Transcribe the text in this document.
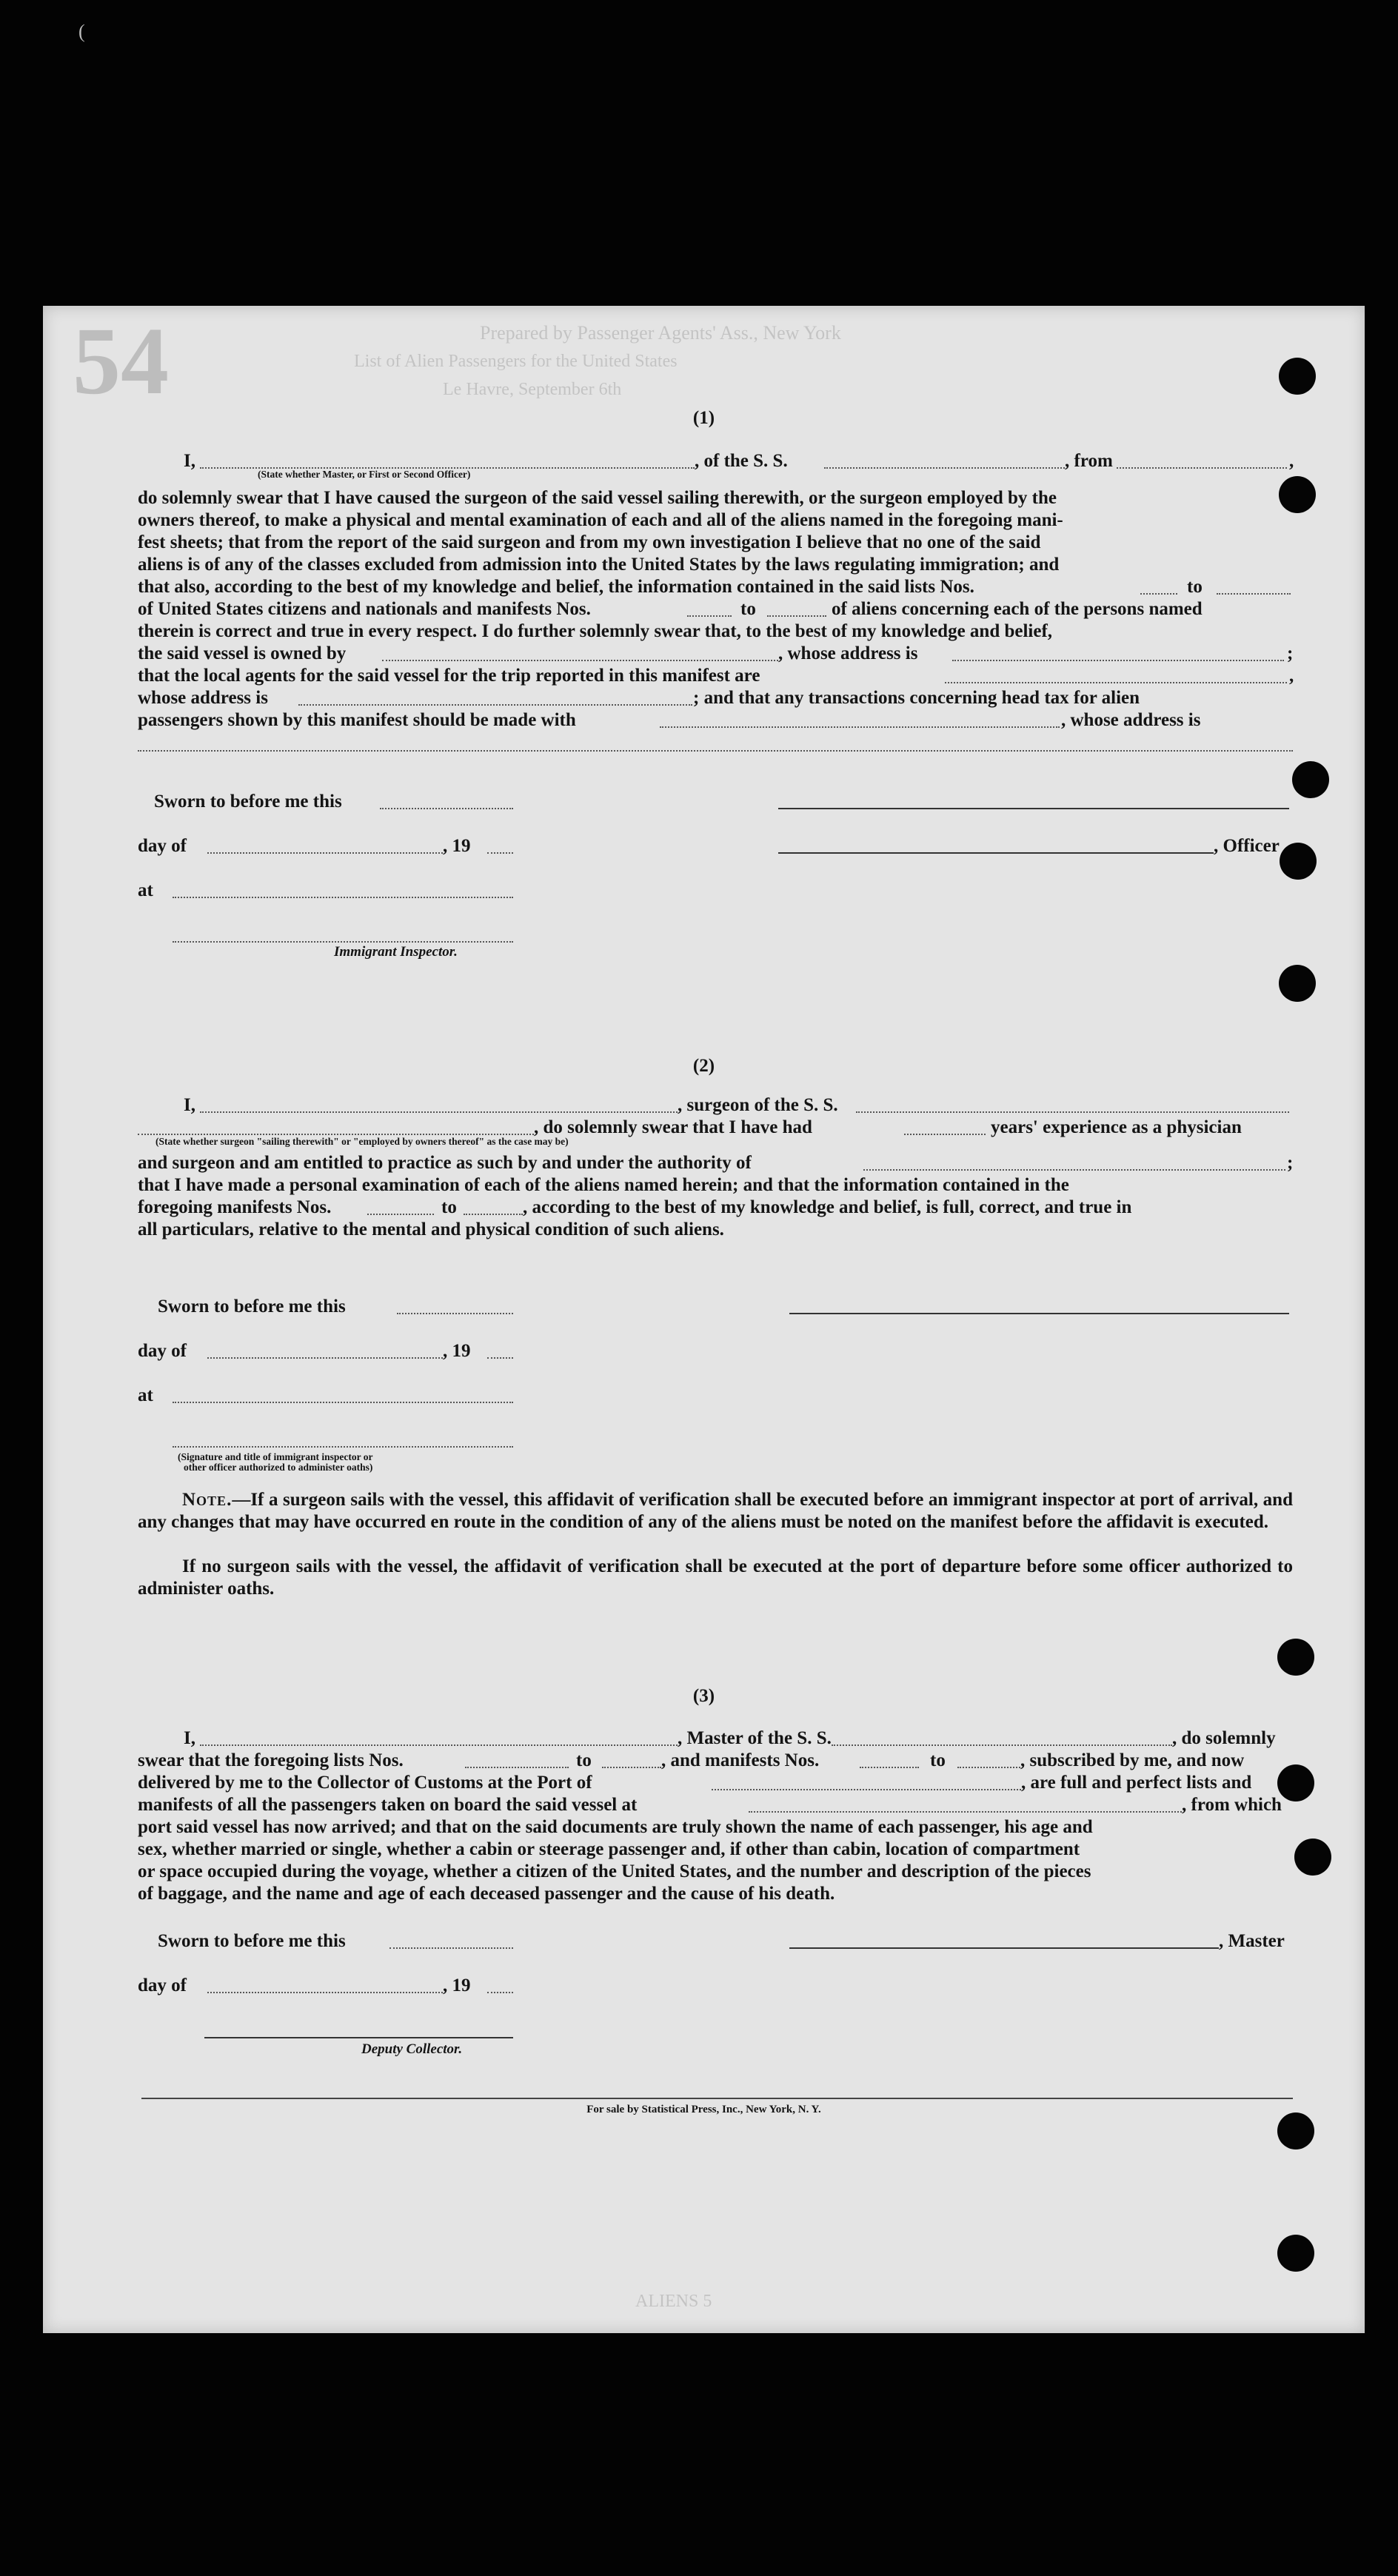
(
54	Prepared by Passenger Agents' Ass., New York
List of Alien Passengers for the United States
Le Havre, September 6th
ALIENS 5
(1)
I,	, of the S. S.	, from	,
(State whether Master, or First or Second Officer)
do solemnly swear that I have caused the surgeon of the said vessel sailing therewith, or the surgeon employed by the
owners thereof, to make a physical and mental examination of each and all of the aliens named in the foregoing mani-
fest sheets; that from the report of the said surgeon and from my own investigation I believe that no one of the said
aliens is of any of the classes excluded from admission into the United States by the laws regulating immigration; and
that also, according to the best of my knowledge and belief, the information contained in the said lists Nos.	to
of United States citizens and nationals and manifests Nos.	to	of aliens concerning each of the persons named
therein is correct and true in every respect. I do further solemnly swear that, to the best of my knowledge and belief,
the said vessel is owned by	, whose address is	;
that the local agents for the said vessel for the trip reported in this manifest are	,
whose address is	; and that any transactions concerning head tax for alien
passengers shown by this manifest should be made with	, whose address is
Sworn to before me this
day of	, 19	, Officer
at
Immigrant Inspector.
(2)
I,	, surgeon of the S. S.
, do solemnly swear that I have had	years' experience as a physician
(State whether surgeon "sailing therewith" or "employed by owners thereof" as the case may be)
and surgeon and am entitled to practice as such by and under the authority of	;
that I have made a personal examination of each of the aliens named herein; and that the information contained in the
foregoing manifests Nos.	to	, according to the best of my knowledge and belief, is full, correct, and true in
all particulars, relative to the mental and physical condition of such aliens.
Sworn to before me this
day of	, 19
at
(Signature and title of immigrant inspector or
other officer authorized to administer oaths)
Note.—If a surgeon sails with the vessel, this affidavit of verification shall be executed before an immigrant inspector at port of arrival, and any changes that may have occurred en route in the condition of any of the aliens must be noted on the manifest before the affidavit is executed.
If no surgeon sails with the vessel, the affidavit of verification shall be executed at the port of departure before some officer authorized to administer oaths.
(3)
I,	, Master of the S. S.	, do solemnly
swear that the foregoing lists Nos.	to	, and manifests Nos.	to	, subscribed by me, and now
delivered by me to the Collector of Customs at the Port of	, are full and perfect lists and
manifests of all the passengers taken on board the said vessel at	, from which
port said vessel has now arrived; and that on the said documents are truly shown the name of each passenger, his age and
sex, whether married or single, whether a cabin or steerage passenger and, if other than cabin, location of compartment
or space occupied during the voyage, whether a citizen of the United States, and the number and description of the pieces
of baggage, and the name and age of each deceased passenger and the cause of his death.
Sworn to before me this	, Master
day of	, 19
Deputy Collector.
For sale by Statistical Press, Inc., New York, N. Y.
